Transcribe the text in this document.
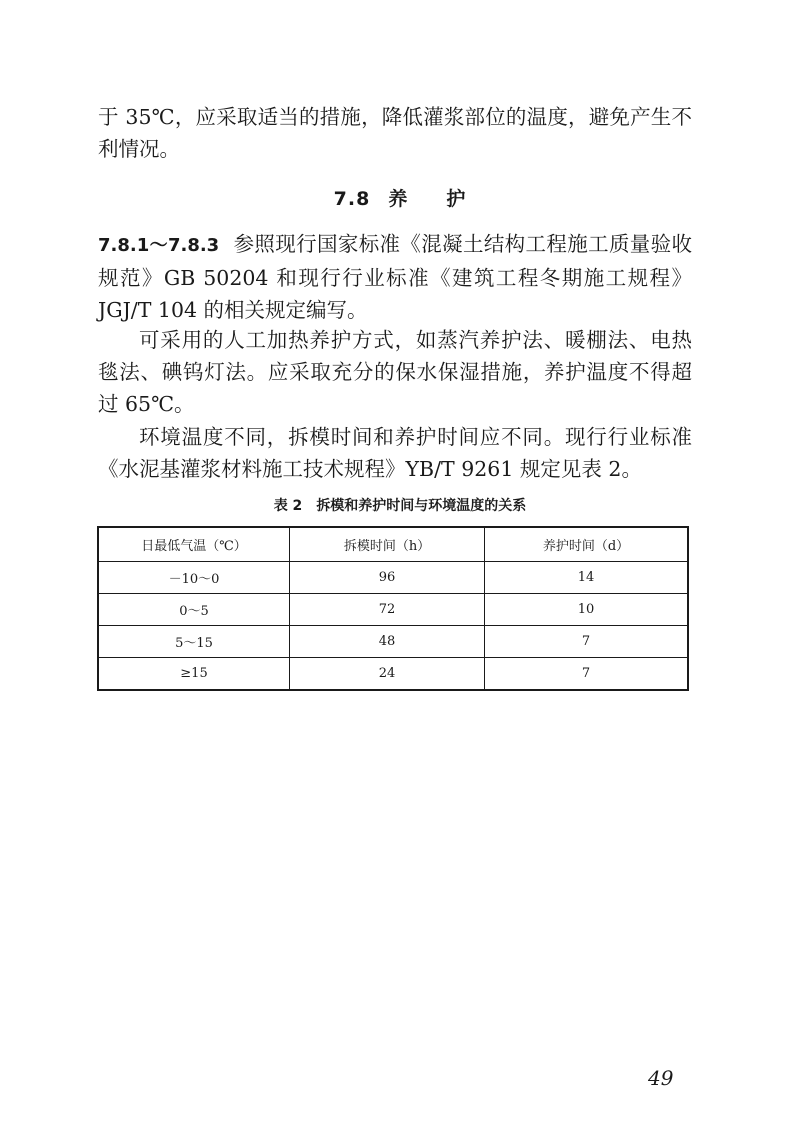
于 35℃，应采取适当的措施，降低灌浆部位的温度，避免产生不利情况。

7.8 养 护

7.8.1～7.8.3 参照现行国家标准《混凝土结构工程施工质量验收规范》GB 50204 和现行行业标准《建筑工程冬期施工规程》JGJ/T 104 的相关规定编写。

可采用的人工加热养护方式，如蒸汽养护法、暖棚法、电热毯法、碘钨灯法。应采取充分的保水保湿措施，养护温度不得超过 65℃。

环境温度不同，拆模时间和养护时间应不同。现行行业标准《水泥基灌浆材料施工技术规程》YB/T 9261 规定见表 2。

表 2 拆模和养护时间与环境温度的关系
日最低气温（℃）	拆模时间（h）	养护时间（d）
－10～0	96	14
0～5	72	10
5～15	48	7
≥15	24	7
49
